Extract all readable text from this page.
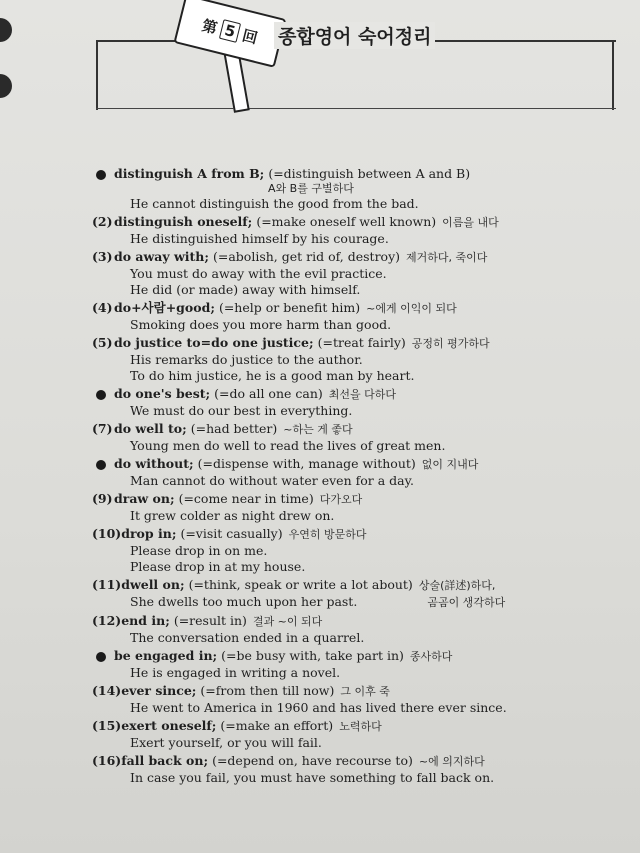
第 5 回 종합영어 숙어정리
distinguish A from B; (=distinguish between A and B)
A와 B를 구별하다
He cannot distinguish the good from the bad.
(2)distinguish oneself; (=make oneself well known) 이름을 내다
He distinguished himself by his courage.
(3)do away with; (=abolish, get rid of, destroy) 제거하다, 죽이다
You must do away with the evil practice.
He did (or made) away with himself.
(4)do+사람+good; (=help or benefit him) ~에게 이익이 되다
Smoking does you more harm than good.
(5)do justice to=do one justice; (=treat fairly) 공정히 평가하다
His remarks do justice to the author.
To do him justice, he is a good man by heart.
do one's best; (=do all one can) 최선을 다하다
We must do our best in everything.
(7)do well to; (=had better) ~하는 게 좋다
Young men do well to read the lives of great men.
do without; (=dispense with, manage without) 없이 지내다
Man cannot do without water even for a day.
(9)draw on; (=come near in time) 다가오다
It grew colder as night drew on.
(10)drop in; (=visit casually) 우연히 방문하다
Please drop in on me.
Please drop in at my house.
(11)dwell on; (=think, speak or write a lot about) 상술(詳述)하다,
She dwells too much upon her past.	곰곰이 생각하다
(12)end in; (=result in) 결과 ~이 되다
The conversation ended in a quarrel.
be engaged in; (=be busy with, take part in) 종사하다
He is engaged in writing a novel.
(14)ever since; (=from then till now) 그 이후 죽
He went to America in 1960 and has lived there ever since.
(15)exert oneself; (=make an effort) 노력하다
Exert yourself, or you will fail.
(16)fall back on; (=depend on, have recourse to) ~에 의지하다
In case you fail, you must have something to fall back on.
